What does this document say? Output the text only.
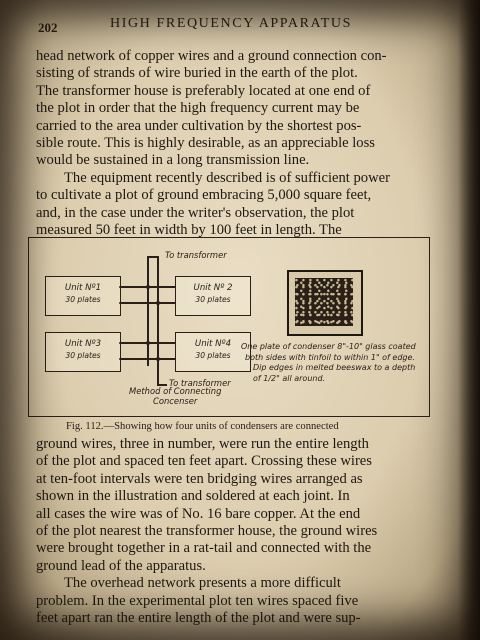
202	HIGH FREQUENCY APPARATUS
head network of copper wires and a ground connection con-
sisting of strands of wire buried in the earth of the plot.
The transformer house is preferably located at one end of
the plot in order that the high frequency current may be
carried to the area under cultivation by the shortest pos-
sible route. This is highly desirable, as an appreciable loss
would be sustained in a long transmission line.
The equipment recently described is of sufficient power
to cultivate a plot of ground embracing 5,000 square feet,
and, in the case under the writer's observation, the plot
measured 50 feet in width by 100 feet in length. The
To transformer
To transformer
Unit Nº1
30 plates
Unit Nº 2
30 plates
Unit Nº3
30 plates
Unit Nº4
30 plates
Method of Connecting
Concenser
One plate of condenser 8"-10" glass coated
both sides with tinfoil to within 1" of edge.
Dip edges in melted beeswax to a depth
of 1/2" all around.
Fig. 112.—Showing how four units of condensers are connected
ground wires, three in number, were run the entire length
of the plot and spaced ten feet apart. Crossing these wires
at ten-foot intervals were ten bridging wires arranged as
shown in the illustration and soldered at each joint. In
all cases the wire was of No. 16 bare copper. At the end
of the plot nearest the transformer house, the ground wires
were brought together in a rat-tail and connected with the
ground lead of the apparatus.
The overhead network presents a more difficult
problem. In the experimental plot ten wires spaced five
feet apart ran the entire length of the plot and were sup-
